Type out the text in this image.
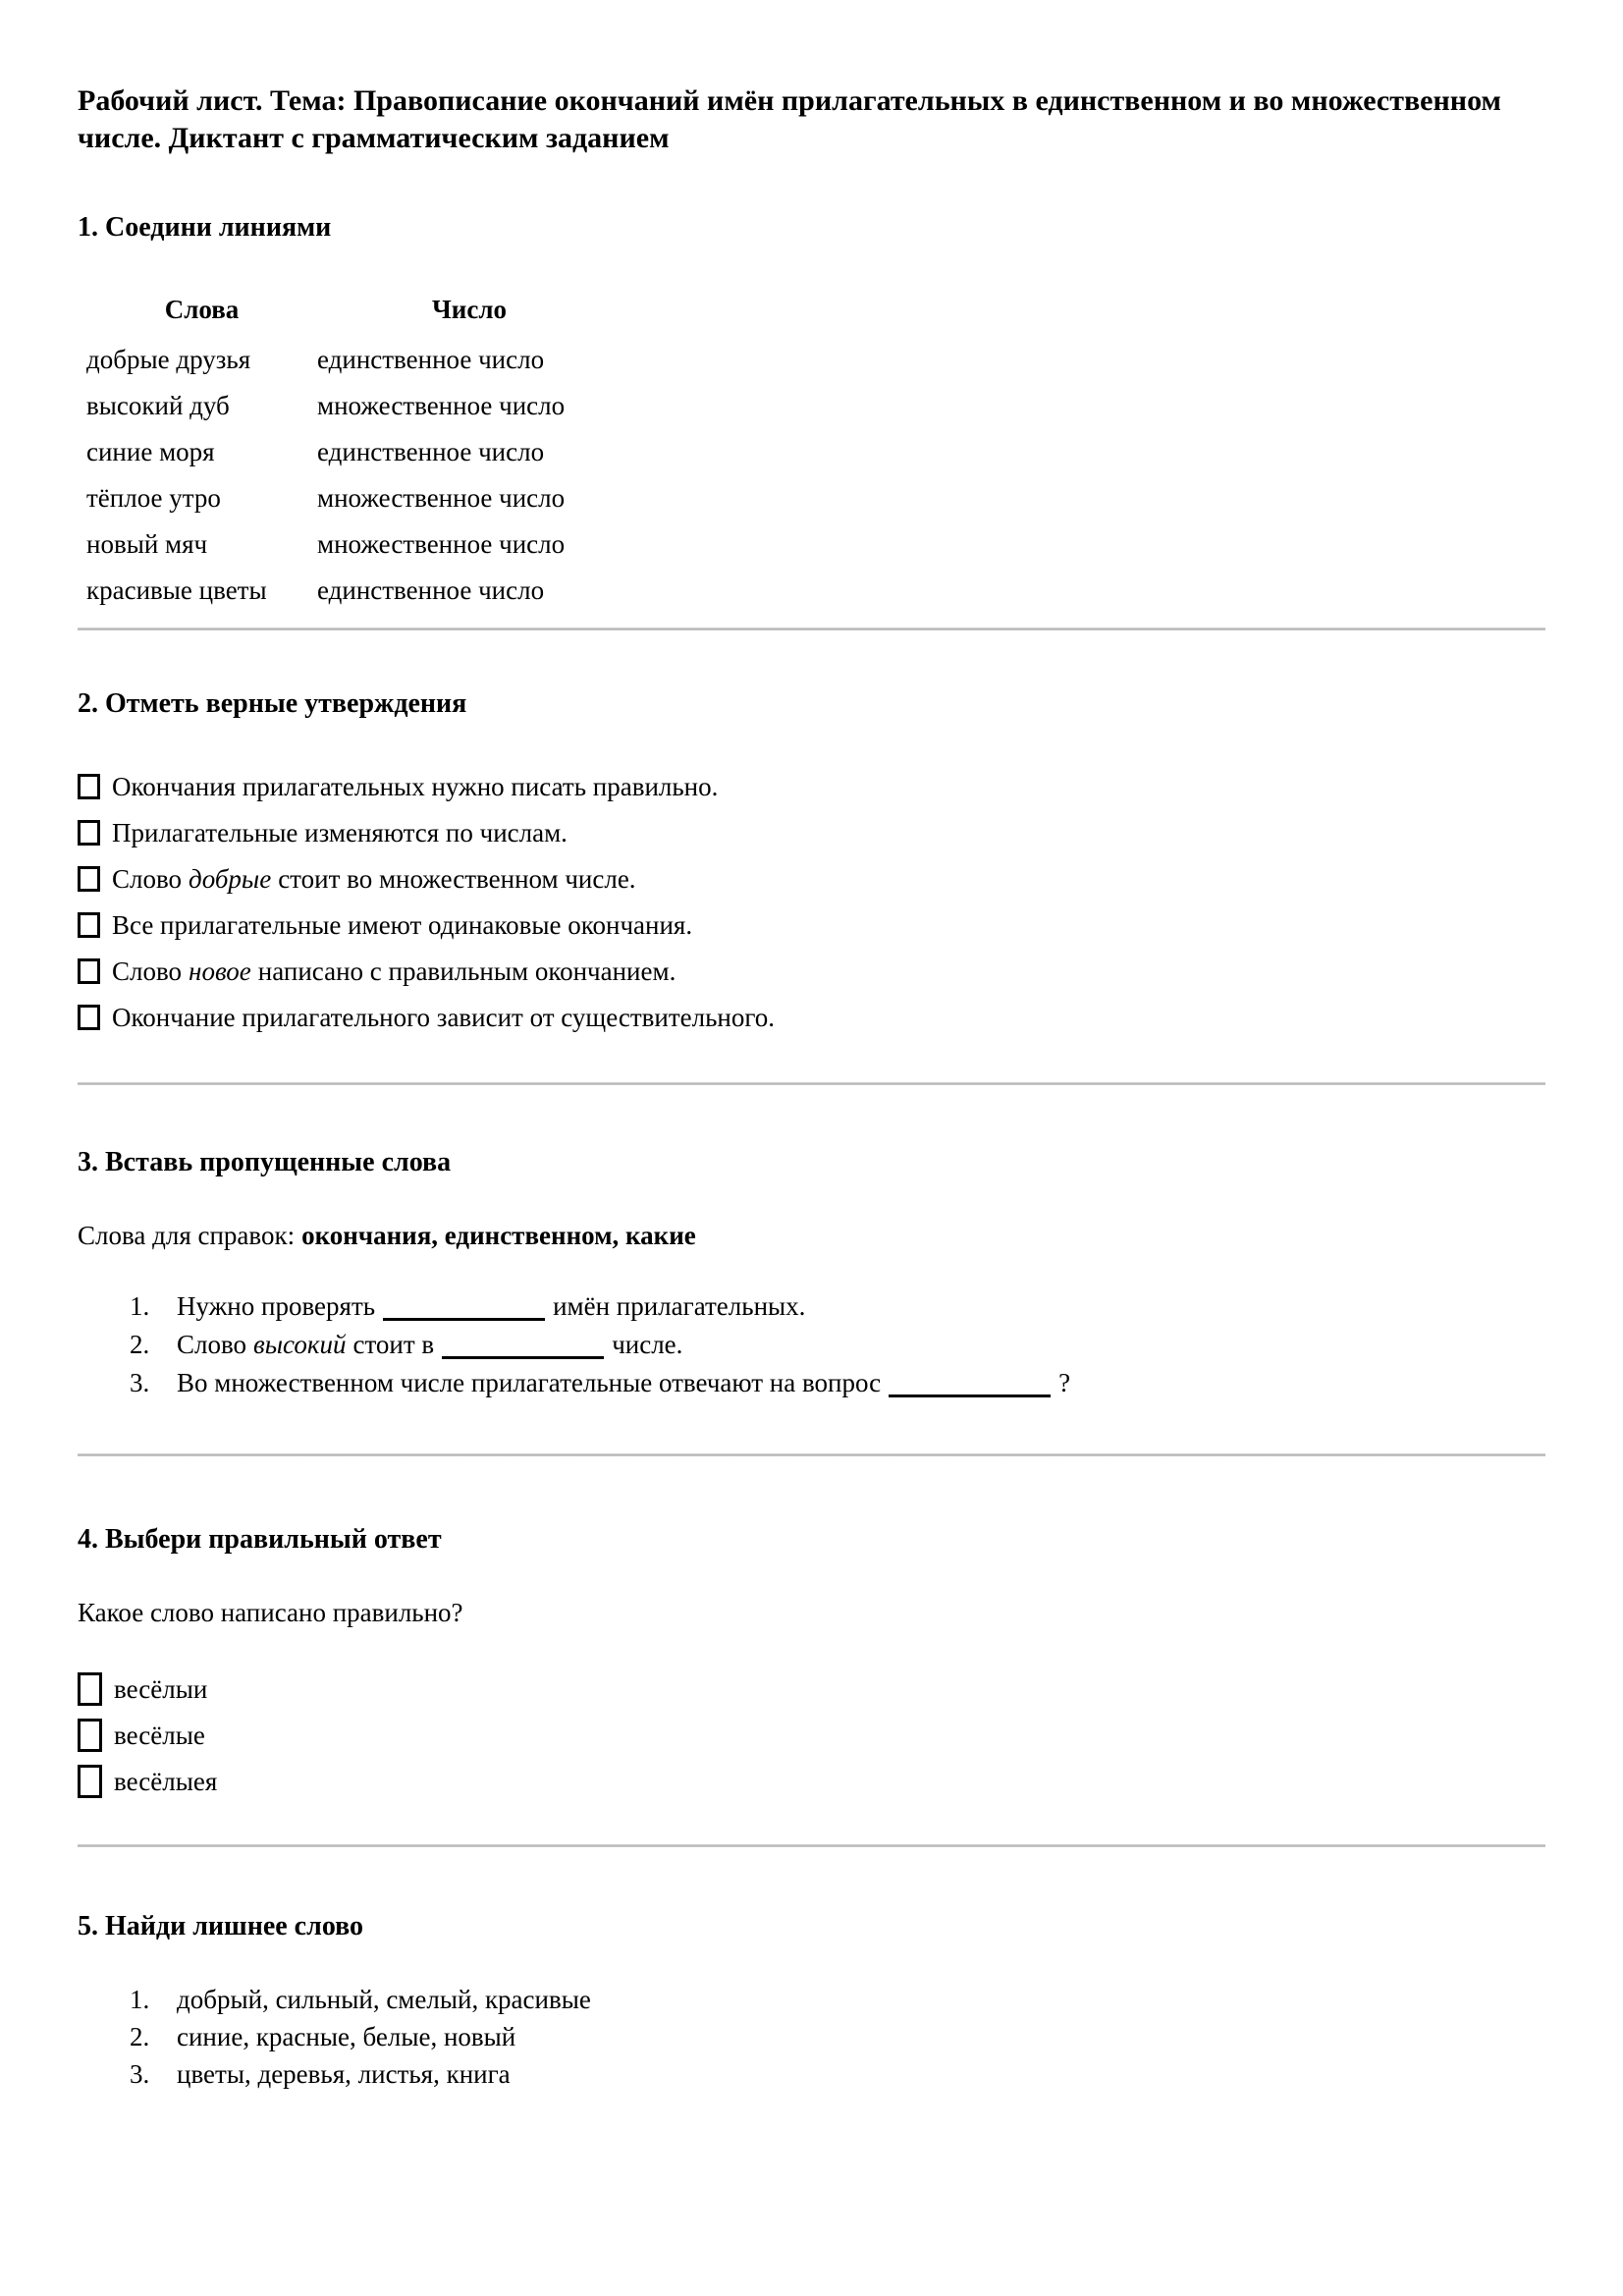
Рабочий лист. Тема: Правописание окончаний имён прилагательных в единственном и во множественном числе. Диктант с грамматическим заданием
1. Соедини линиями
Слова	Число
добрые друзья	единственное число
высокий дуб	множественное число
синие моря	единственное число
тёплое утро	множественное число
новый мяч	множественное число
красивые цветы	единственное число
2. Отметь верные утверждения
Окончания прилагательных нужно писать правильно.
Прилагательные изменяются по числам.
Слово добрые стоит во множественном числе.
Все прилагательные имеют одинаковые окончания.
Слово новое написано с правильным окончанием.
Окончание прилагательного зависит от существительного.
3. Вставь пропущенные слова

Слова для справок: окончания, единственном, какие

1. Нужно проверять	имён прилагательных.
2. Слово высокий стоит в	числе.
3. Во множественном числе прилагательные отвечают на вопрос	?
4. Выбери правильный ответ

Какое слово написано правильно?

весёлыи
весёлые
весёлыея
5. Найди лишнее слово
1. добрый, сильный, смелый, красивые
2. синие, красные, белые, новый
3. цветы, деревья, листья, книга
